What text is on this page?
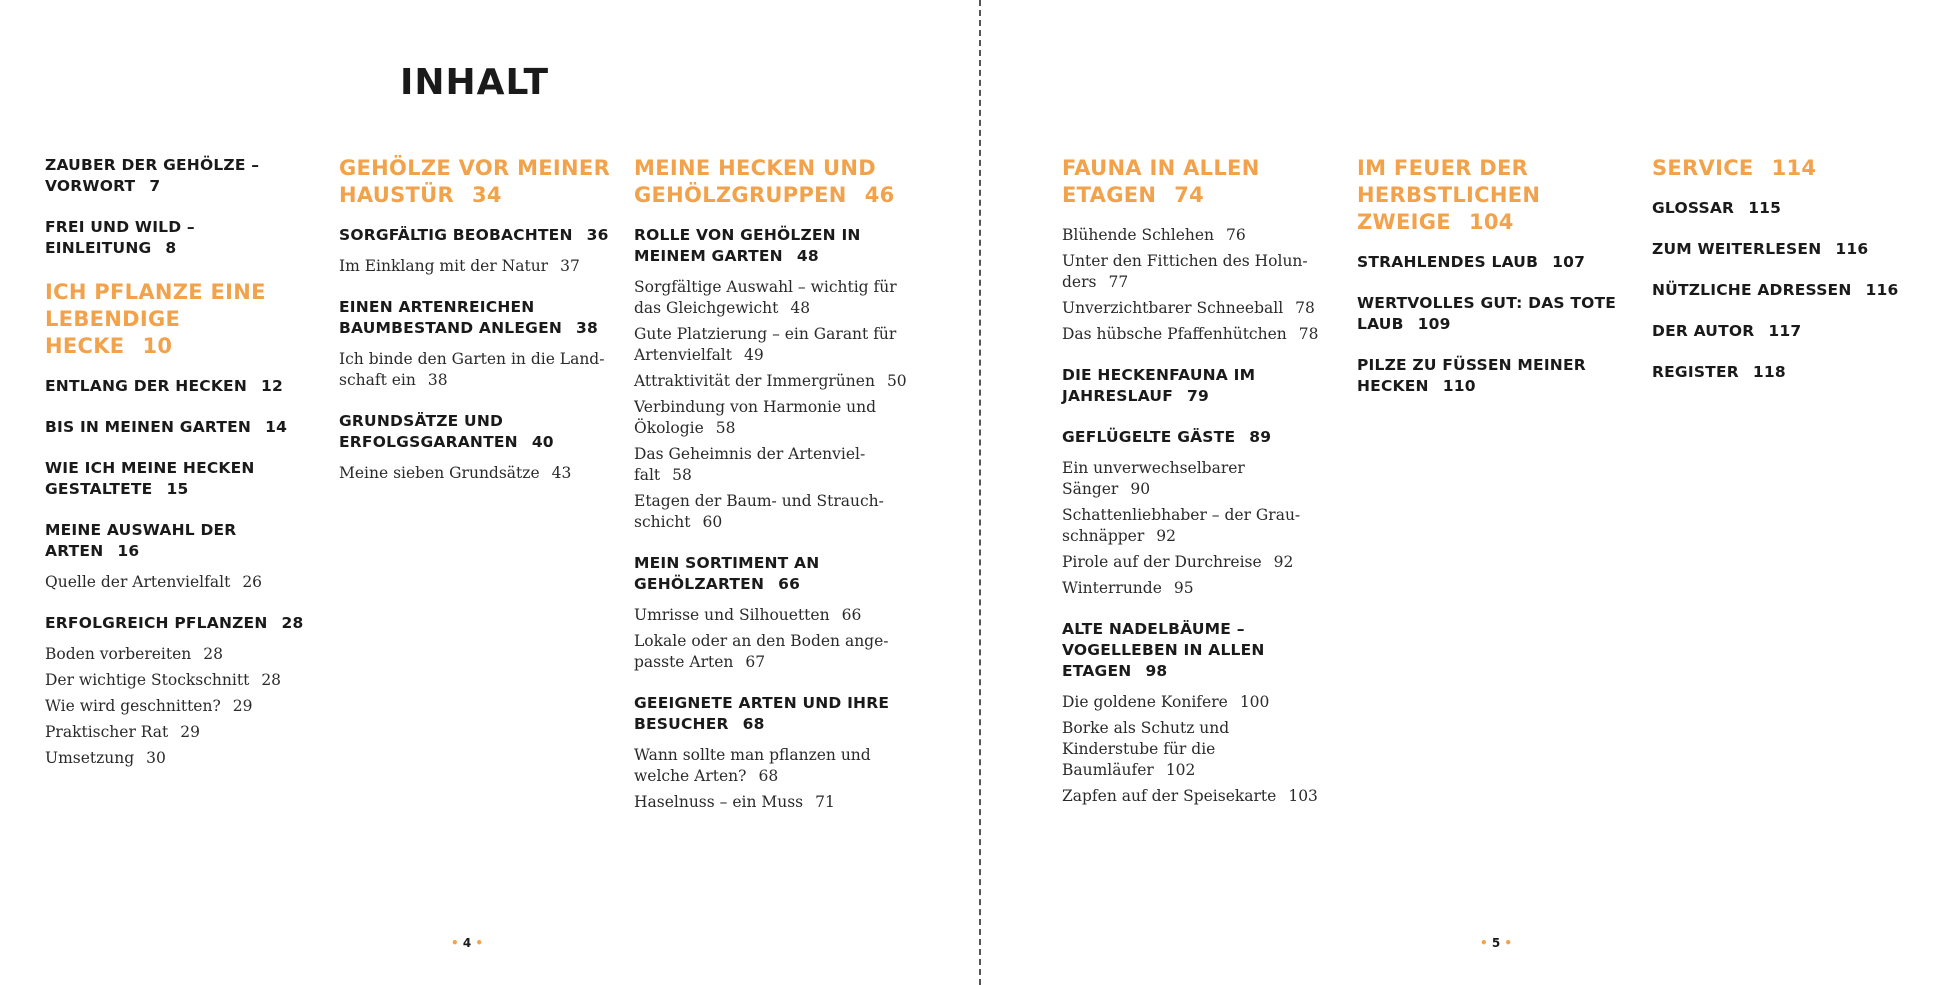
INHALT
ZAUBER DER GEHÖLZE – VORWORT 7
FREI UND WILD – EINLEITUNG 8
ICH PFLANZE EINE LEBENDIGE HECKE 10
ENTLANG DER HECKEN 12
BIS IN MEINEN GARTEN 14
WIE ICH MEINE HECKEN GESTALTETE 15
MEINE AUSWAHL DER ARTEN 16
Quelle der Artenvielfalt 26
ERFOLGREICH PFLANZEN 28
Boden vorbereiten 28
Der wichtige Stockschnitt 28
Wie wird geschnitten? 29
Praktischer Rat 29
Umsetzung 30
GEHÖLZE VOR MEINER HAUSTÜR 34
SORGFÄLTIG BEOBACHTEN 36
Im Einklang mit der Natur 37
EINEN ARTENREICHEN BAUMBESTAND ANLEGEN 38
Ich binde den Garten in die Land-schaft ein 38
GRUNDSÄTZE UND ERFOLGSGARANTEN 40
Meine sieben Grundsätze 43
MEINE HECKEN UND GEHÖLZGRUPPEN 46
ROLLE VON GEHÖLZEN IN MEINEM GARTEN 48
Sorgfältige Auswahl – wichtig für das Gleichgewicht 48
Gute Platzierung – ein Garant für Artenvielfalt 49
Attraktivität der Immergrünen 50
Verbindung von Harmonie und Ökologie 58
Das Geheimnis der Artenviel-falt 58
Etagen der Baum- und Strauch-schicht 60
MEIN SORTIMENT AN GEHÖLZARTEN 66
Umrisse und Silhouetten 66
Lokale oder an den Boden ange-passte Arten 67
GEEIGNETE ARTEN UND IHRE BESUCHER 68
Wann sollte man pflanzen und welche Arten? 68
Haselnuss – ein Muss 71
FAUNA IN ALLEN ETAGEN 74
Blühende Schlehen 76
Unter den Fittichen des Holun-ders 77
Unverzichtbarer Schneeball 78
Das hübsche Pfaffenhütchen 78
DIE HECKENFAUNA IM JAHRESLAUF 79
GEFLÜGELTE GÄSTE 89
Ein unverwechselbarer Sänger 90
Schattenliebhaber – der Grau-schnäpper 92
Pirole auf der Durchreise 92
Winterrunde 95
ALTE NADELBÄUME – VOGELLEBEN IN ALLEN ETAGEN 98
Die goldene Konifere 100
Borke als Schutz und Kinderstube für die Baumläufer 102
Zapfen auf der Speisekarte 103
IM FEUER DER HERBSTLICHEN ZWEIGE 104
STRAHLENDES LAUB 107
WERTVOLLES GUT: DAS TOTE LAUB 109
PILZE ZU FÜSSEN MEINER HECKEN 110
SERVICE 114
GLOSSAR 115
ZUM WEITERLESEN 116
NÜTZLICHE ADRESSEN 116
DER AUTOR 117
REGISTER 118
• 4 •	• 5 •
